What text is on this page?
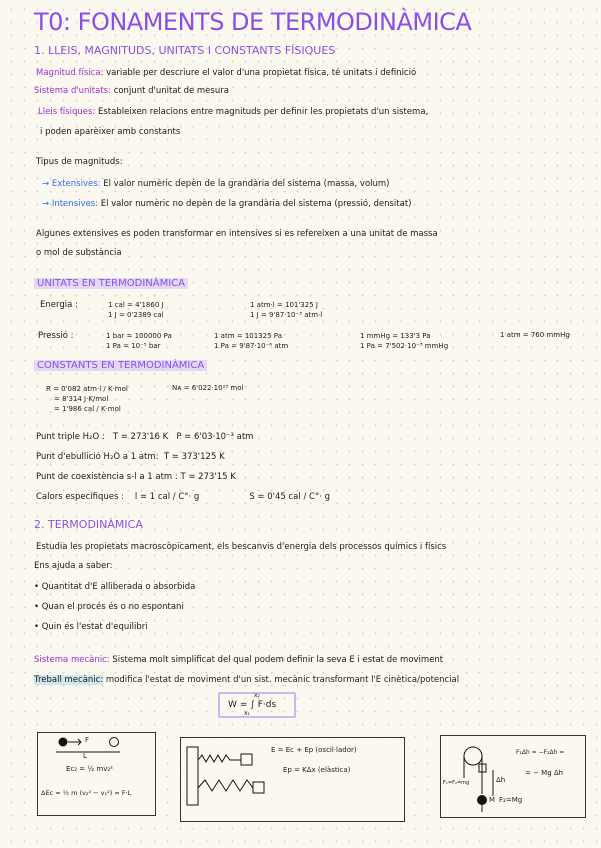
T0: FONAMENTS DE TERMODINÀMICA
1. LLEIS, MAGNITUDS, UNITATS I CONSTANTS FÍSIQUES
Magnitud física: variable per descriure el valor d'una propietat física, té unitats i definició
Sistema d'unitats: conjunt d'unitat de mesura
Lleis físiques: Estableixen relacions entre magnituds per definir les propietats d'un sistema,
i poden aparèixer amb constants
Tipus de magnituds:
→ Extensives: El valor numèric depèn de la grandària del sistema (massa, volum)
→ Intensives: El valor numèric no depèn de la grandària del sistema (pressió, densitat)
Algunes extensives es poden transformar en intensives si es refereixen a una unitat de massa
o mol de substància
UNITATS EN TERMODINÀMICA
Energia :	1 cal = 4'1860 J
1 J = 0'2389 cal
1 atm·l = 101'325 J
1 J = 9'87·10⁻³ atm·l
Pressió :	1 bar = 100000 Pa
1 Pa = 10⁻⁵ bar
1 atm = 101325 Pa
1 Pa = 9'87·10⁻⁶ atm
1 mmHg = 133'3 Pa
1 Pa = 7'502·10⁻³ mmHg
1 atm = 760 mmHg
CONSTANTS EN TERMODINÀMICA
R = 0'082 atm·l / K·mol
= 8'314 J·K/mol
= 1'986 cal / K·mol
Nᴀ = 6'022·10²³ mol
Punt triple H₂O : T = 273'16 K P = 6'03·10⁻³ atm
Punt d'ebullició H₂O a 1 atm: T = 373'125 K
Punt de coexistència s-l a 1 atm : T = 273'15 K
Calors específiques : l = 1 cal / C°· g	S = 0'45 cal / C°· g
2. TERMODINÀMICA
Estudia les propietats macroscòpicament, els bescanvis d'energia dels processos químics i físics
Ens ajuda a saber:
• Quantitat d'E alliberada o absorbida
• Quan el procés és o no espontani
• Quin és l'estat d'equilibri
Sistema mecànic: Sistema molt simplificat del qual podem definir la seva E i estat de moviment
Treball mecànic: modifica l'estat de moviment d'un sist. mecànic transformant l'E cinètica/potencial
W = ∫ F·ds
x₂
x₁
F
L
Ec₂ = ½ mv₂²
ΔEc = ½ m (v₂² − v₁²) = F·L
E = Ec + Ep (oscil·lador)
Ep = KΔx (elàstica)
F₁=F₂=mg	Δh
M F₂=Mg
F₁Δh = −F₂Δh =
= − Mg Δh
